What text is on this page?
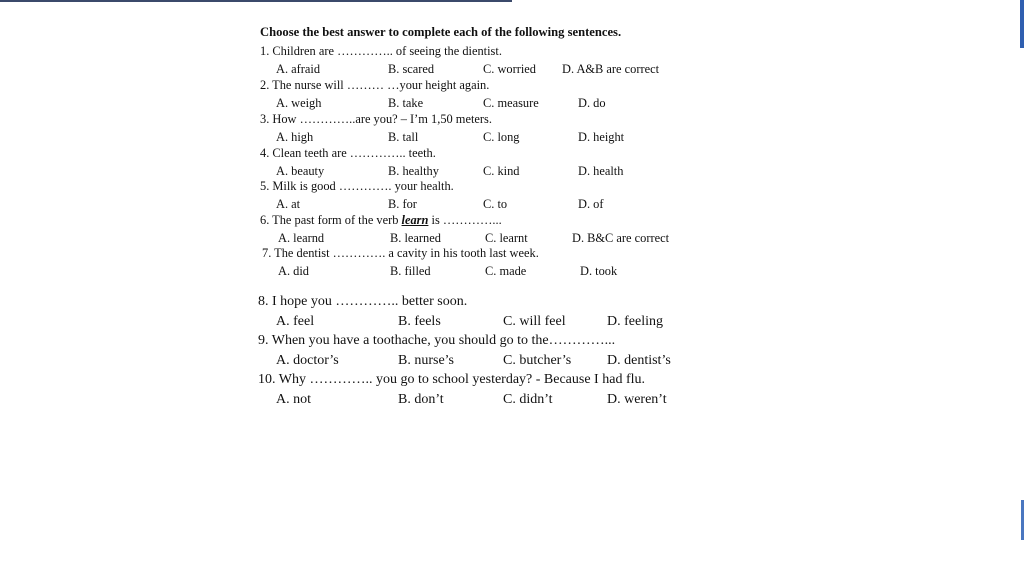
Choose the best answer to complete each of the following sentences.
1. Children are ………….. of seeing the dientist.
A. afraid	B. scared	C. worried D. A&B are correct
2. The nurse will ……… …your height again.
A. weigh	B. take	C. measure	D. do
3. How …………..are you? – I’m 1,50 meters.
A. high	B. tall	C. long	D. height
4. Clean teeth are ………….. teeth.
A. beauty	B. healthy	C. kind	D. health
5. Milk is good …………. your health.
A. at	B. for	C. to	D. of
6. The past form of the verb learn is …………...
A. learnd	B. learned	C. learnt	D. B&C are correct
7. The dentist …………. a cavity in his tooth last week.
A. did	B. filled	C. made	D. took
8. I hope you ………….. better soon.
A. feel	B. feels	C. will feel	D. feeling
9. When you have a toothache, you should go to the…………...
A. doctor’s	B. nurse’s	C. butcher’s	D. dentist’s
10. Why ………….. you go to school yesterday? - Because I had flu.
A. not	B. don’t	C. didn’t	D. weren’t
